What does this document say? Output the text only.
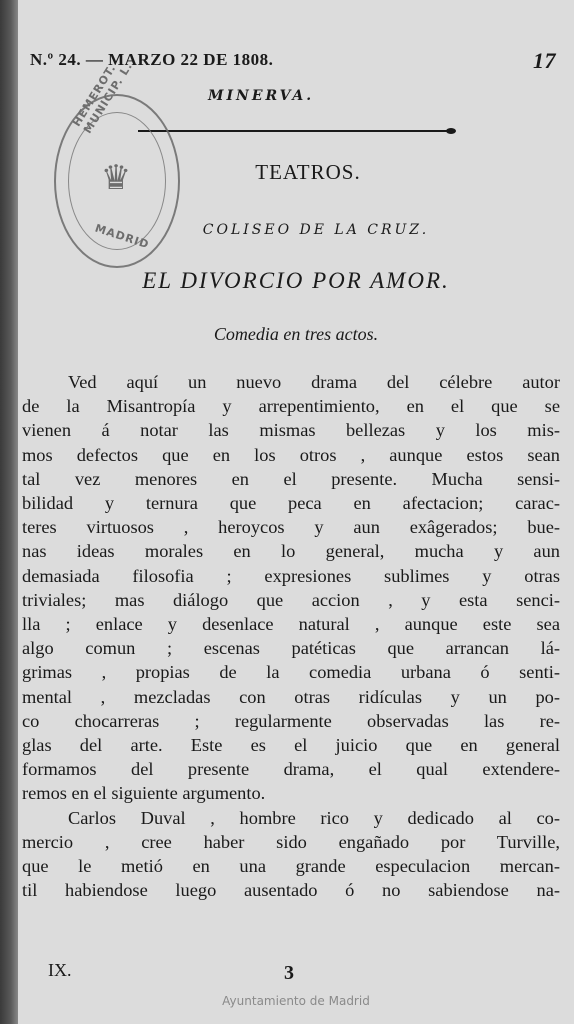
N.º 24. — MARZO 22 DE 1808.	17
MINERVA.
HEMEROT. MUNICIP. L.
MADRID
♛	TEATROS.
COLISEO DE LA CRUZ.
EL DIVORCIO POR AMOR.
Comedia en tres actos.
Ved aquí un nuevo drama del célebre autor
de la Misantropía y arrepentimiento, en el que se
vienen á notar las mismas bellezas y los mis-
mos defectos que en los otros , aunque estos sean
tal vez menores en el presente. Mucha sensi-
bilidad y ternura que peca en afectacion; carac-
teres virtuosos , heroycos y aun exâgerados; bue-
nas ideas morales en lo general, mucha y aun
demasiada filosofia ; expresiones sublimes y otras
triviales; mas diálogo que accion , y esta senci-
lla ; enlace y desenlace natural , aunque este sea
algo comun ; escenas patéticas que arrancan lá-
grimas , propias de la comedia urbana ó senti-
mental , mezcladas con otras ridículas y un po-
co chocarreras ; regularmente observadas las re-
glas del arte. Este es el juicio que en general
formamos del presente drama, el qual extendere-
remos en el siguiente argumento.
Carlos Duval , hombre rico y dedicado al co-
mercio , cree haber sido engañado por Turville,
que le metió en una grande especulacion mercan-
til habiendose luego ausentado ó no sabiendose na-
IX.	3
Ayuntamiento de Madrid
